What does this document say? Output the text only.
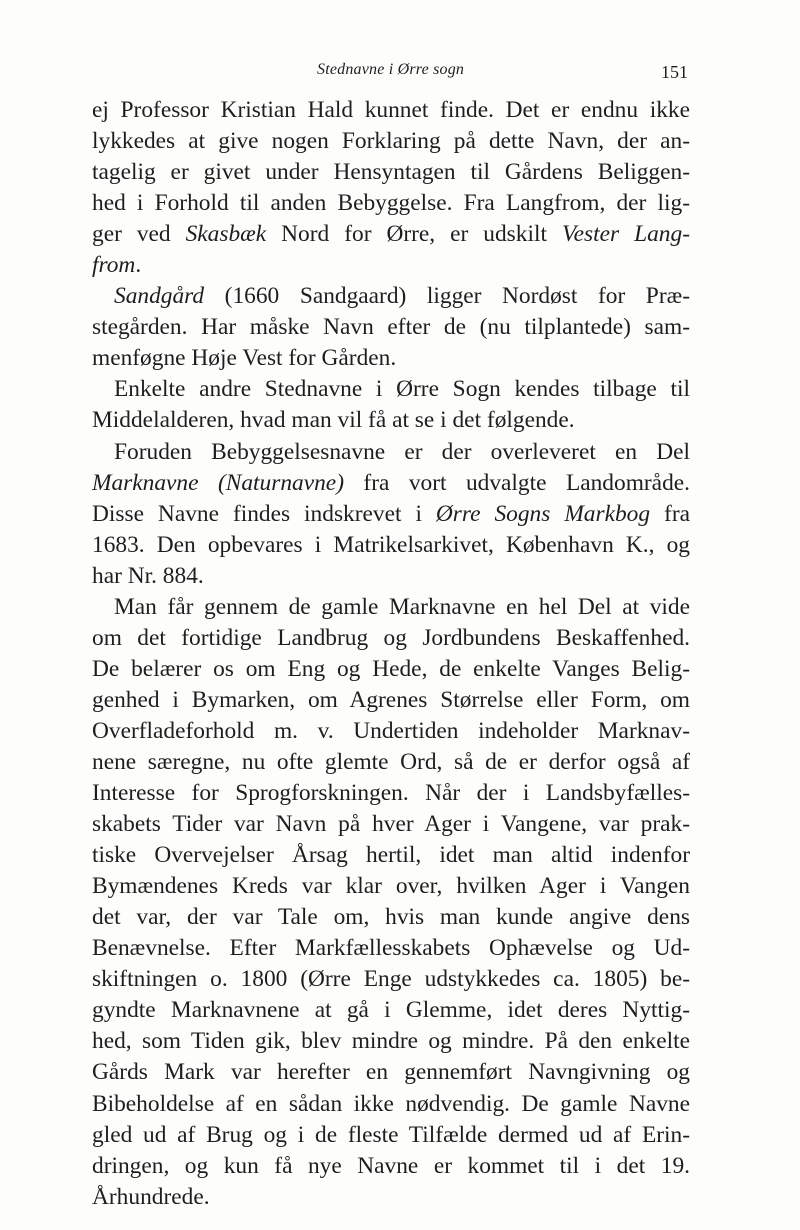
Stednavne i Ørre sogn	151
ej Professor Kristian Hald kunnet finde. Det er endnu ikke
lykkedes at give nogen Forklaring på dette Navn, der an-
tagelig er givet under Hensyntagen til Gårdens Beliggen-
hed i Forhold til anden Bebyggelse. Fra Langfrom, der lig-
ger ved Skasbæk Nord for Ørre, er udskilt Vester Lang-
from.
Sandgård (1660 Sandgaard) ligger Nordøst for Præ-
stegården. Har måske Navn efter de (nu tilplantede) sam-
menføgne Høje Vest for Gården.
Enkelte andre Stednavne i Ørre Sogn kendes tilbage til
Middelalderen, hvad man vil få at se i det følgende.
Foruden Bebyggelsesnavne er der overleveret en Del
Marknavne (Naturnavne) fra vort udvalgte Landområde.
Disse Navne findes indskrevet i Ørre Sogns Markbog fra
1683. Den opbevares i Matrikelsarkivet, København K., og
har Nr. 884.
Man får gennem de gamle Marknavne en hel Del at vide
om det fortidige Landbrug og Jordbundens Beskaffenhed.
De belærer os om Eng og Hede, de enkelte Vanges Belig-
genhed i Bymarken, om Agrenes Størrelse eller Form, om
Overfladeforhold m. v. Undertiden indeholder Marknav-
nene særegne, nu ofte glemte Ord, så de er derfor også af
Interesse for Sprogforskningen. Når der i Landsbyfælles-
skabets Tider var Navn på hver Ager i Vangene, var prak-
tiske Overvejelser Årsag hertil, idet man altid indenfor
Bymændenes Kreds var klar over, hvilken Ager i Vangen
det var, der var Tale om, hvis man kunde angive dens
Benævnelse. Efter Markfællesskabets Ophævelse og Ud-
skiftningen o. 1800 (Ørre Enge udstykkedes ca. 1805) be-
gyndte Marknavnene at gå i Glemme, idet deres Nyttig-
hed, som Tiden gik, blev mindre og mindre. På den enkelte
Gårds Mark var herefter en gennemført Navngivning og
Bibeholdelse af en sådan ikke nødvendig. De gamle Navne
gled ud af Brug og i de fleste Tilfælde dermed ud af Erin-
dringen, og kun få nye Navne er kommet til i det 19.
Århundrede.
